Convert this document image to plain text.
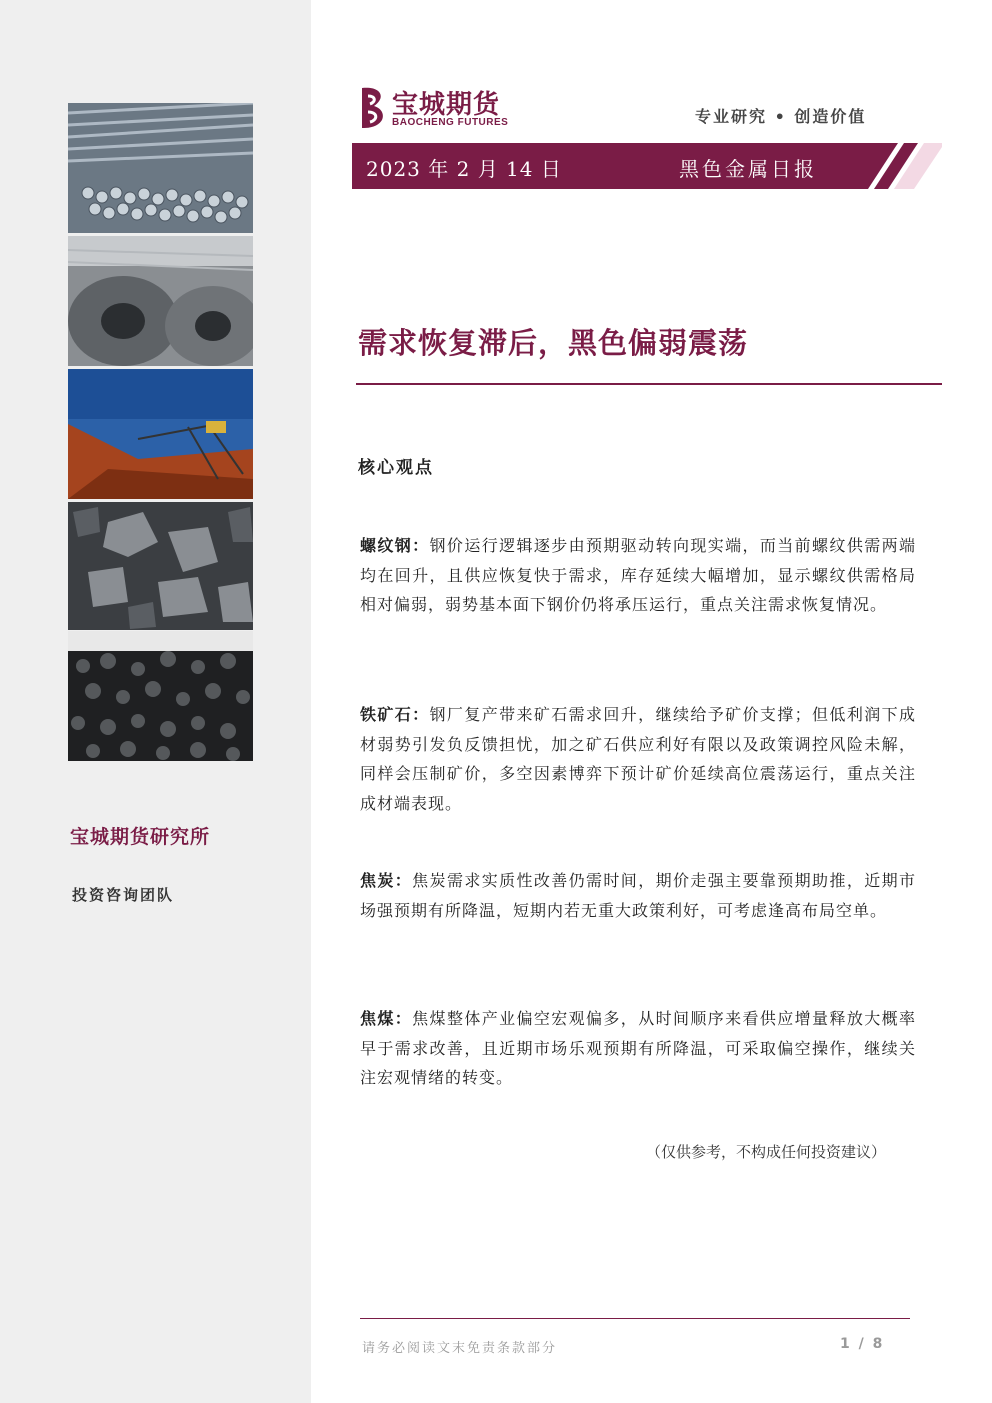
宝城期货研究所
投资咨询团队
宝城期货
BAOCHENG FUTURES	专业研究 • 创造价值
2023 年 2 月 14 日	黑色金属日报
需求恢复滞后，黑色偏弱震荡
核心观点
螺纹钢：钢价运行逻辑逐步由预期驱动转向现实端，而当前螺纹供需两端均在回升，且供应恢复快于需求，库存延续大幅增加，显示螺纹供需格局相对偏弱，弱势基本面下钢价仍将承压运行，重点关注需求恢复情况。
铁矿石：钢厂复产带来矿石需求回升，继续给予矿价支撑；但低利润下成材弱势引发负反馈担忧，加之矿石供应利好有限以及政策调控风险未解，同样会压制矿价，多空因素博弈下预计矿价延续高位震荡运行，重点关注成材端表现。
焦炭：焦炭需求实质性改善仍需时间，期价走强主要靠预期助推，近期市场强预期有所降温，短期内若无重大政策利好，可考虑逢高布局空单。
焦煤：焦煤整体产业偏空宏观偏多，从时间顺序来看供应增量释放大概率早于需求改善，且近期市场乐观预期有所降温，可采取偏空操作，继续关注宏观情绪的转变。
（仅供参考，不构成任何投资建议）
请务必阅读文末免责条款部分	1 / 8
